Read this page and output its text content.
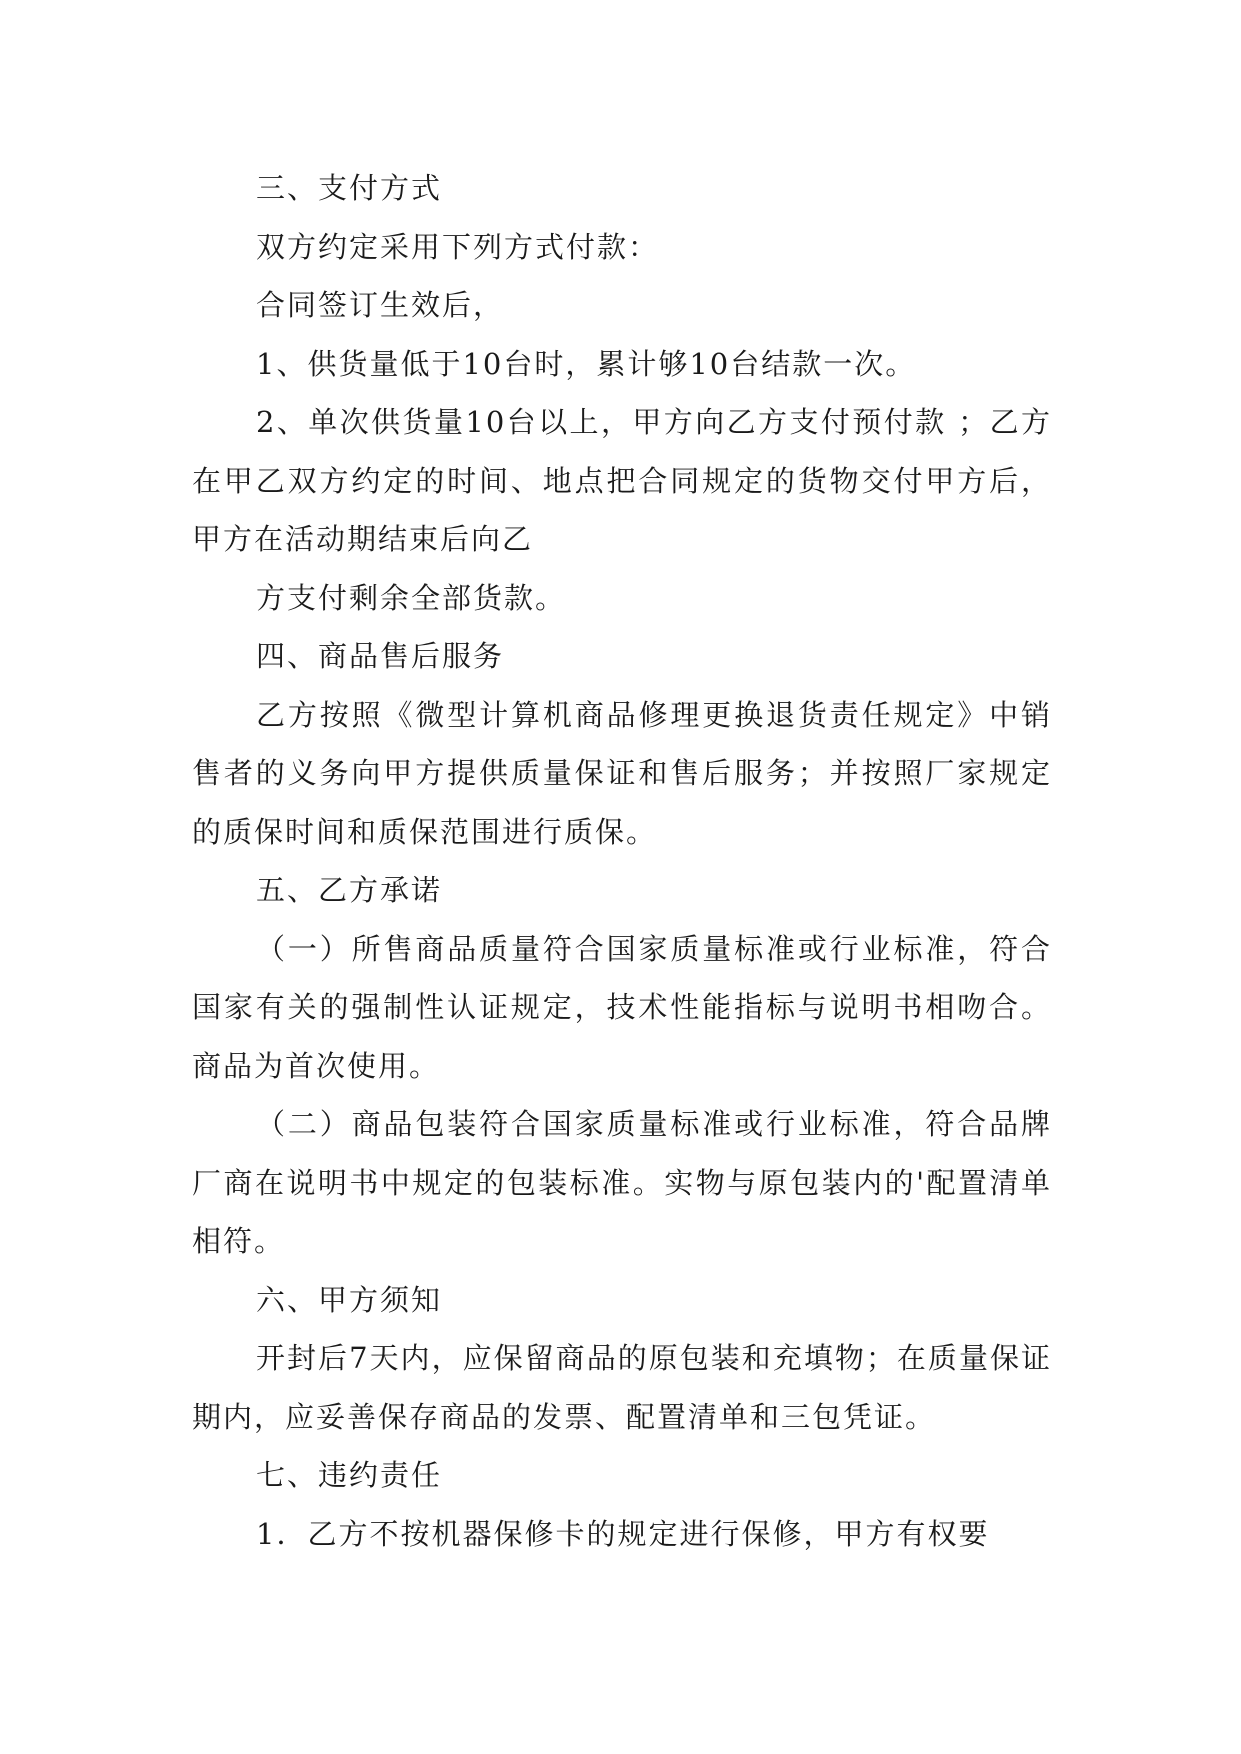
三、支付方式

双方约定采用下列方式付款：

合同签订生效后，

1、供货量低于10台时，累计够10台结款一次。

2、单次供货量10台以上，甲方向乙方支付预付款 ；乙方在甲乙双方约定的时间、地点把合同规定的货物交付甲方后，甲方在活动期结束后向乙

方支付剩余全部货款。

四、商品售后服务

乙方按照《微型计算机商品修理更换退货责任规定》中销售者的义务向甲方提供质量保证和售后服务；并按照厂家规定的质保时间和质保范围进行质保。

五、乙方承诺

（一）所售商品质量符合国家质量标准或行业标准，符合国家有关的强制性认证规定，技术性能指标与说明书相吻合。商品为首次使用。

（二）商品包装符合国家质量标准或行业标准，符合品牌厂商在说明书中规定的包装标准。实物与原包装内的'配置清单相符。

六、甲方须知

开封后7天内，应保留商品的原包装和充填物；在质量保证期内，应妥善保存商品的发票、配置清单和三包凭证。

七、违约责任

1．乙方不按机器保修卡的规定进行保修，甲方有权要
